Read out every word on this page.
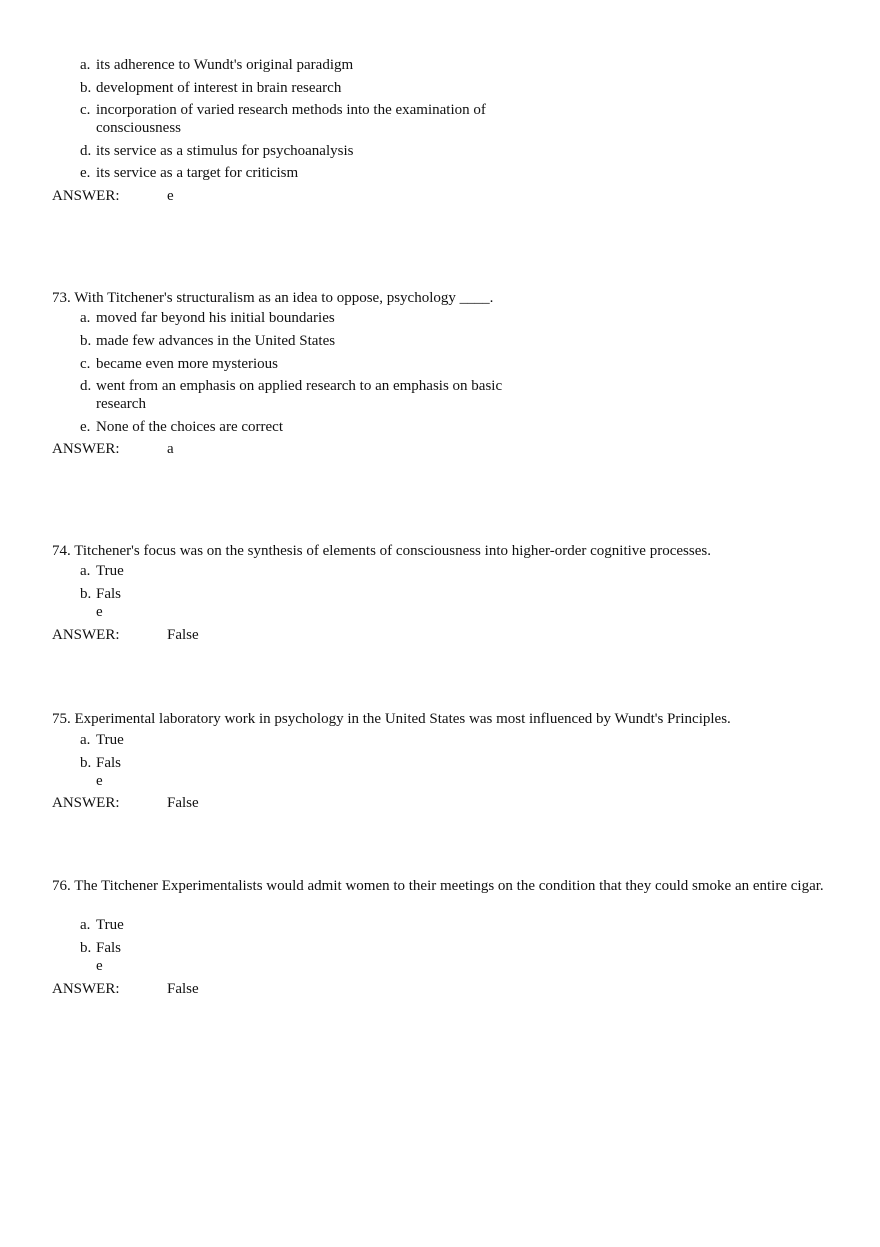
a. its adherence to Wundt's original paradigm
b. development of interest in brain research
c. incorporation of varied research methods into the examination of consciousness
d. its service as a stimulus for psychoanalysis
e. its service as a target for criticism
ANSWER:	e
73. With Titchener's structuralism as an idea to oppose, psychology ____.
a. moved far beyond his initial boundaries
b. made few advances in the United States
c. became even more mysterious
d. went from an emphasis on applied research to an emphasis on basic research
e. None of the choices are correct
ANSWER:	a
74. Titchener's focus was on the synthesis of elements of consciousness into higher-order cognitive processes.
a. True
b. False
ANSWER:	False
75. Experimental laboratory work in psychology in the United States was most influenced by Wundt's Principles.
a. True
b. False
ANSWER:	False
76. The Titchener Experimentalists would admit women to their meetings on the condition that they could smoke an entire cigar.
a. True
b. False
ANSWER:	False
